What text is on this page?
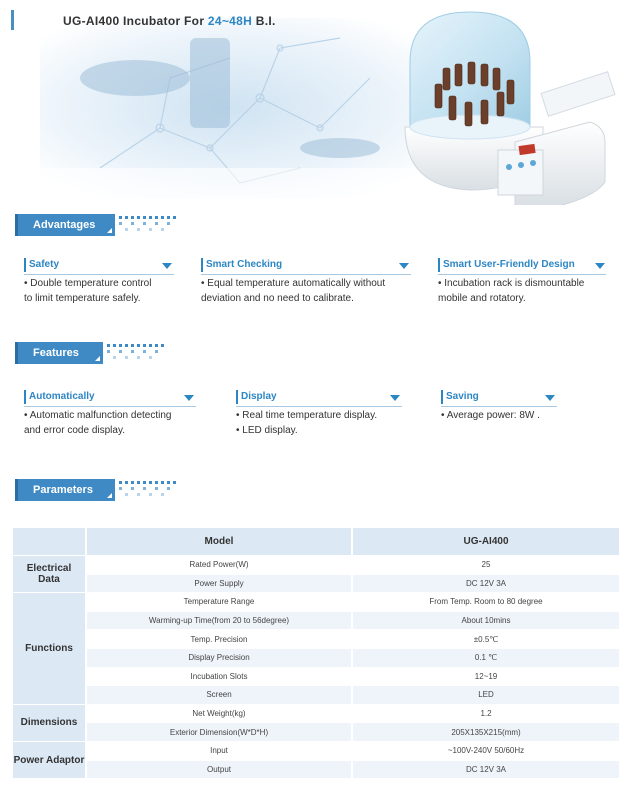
UG-AI400 Incubator For 24~48H B.I.
Advantages
Safety
• Double temperature control
to limit temperature safely.
Smart Checking
• Equal temperature automatically without
deviation and no need to calibrate.
Smart User-Friendly Design
• Incubation rack is dismountable
mobile and rotatory.
Features
Automatically
• Automatic malfunction detecting
and error code display.
Display
• Real time temperature display.
• LED display.
Saving
• Average power: 8W .
Parameters
	Model	UG-AI400

Electrical
Data	Rated Power(W)	25
	Power Supply	DC 12V 3A
Functions	Temperature Range	From Temp. Room to 80 degree
	Warming-up Time(from 20 to 56degree)	About 10mins
	Temp. Precision	±0.5℃
	Display Precision	0.1 ℃
	Incubation Slots	12~19
	Screen	LED
Dimensions	Net Weight(kg)	1.2
	Exterior Dimension(W*D*H)	205X135X215(mm)
Power Adaptor	Input	~100V-240V 50/60Hz
	Output	DC 12V 3A
